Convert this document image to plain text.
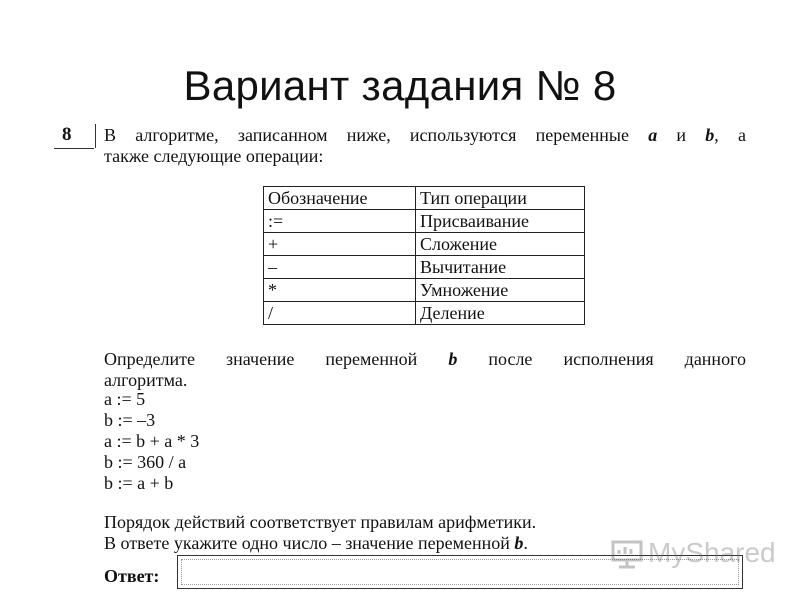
Вариант задания № 8
8 В алгоритме, записанном ниже, используются переменные a и b, а
также следующие операции:
Обозначение	Тип операции
:=	Присваивание
+	Сложение
–	Вычитание
*	Умножение
/	Деление
Определите значение переменной b после исполнения данного
алгоритма.
a := 5
b := –3
a := b + a * 3
b := 360 / a
b := a + b
Порядок действий соответствует правилам арифметики.
В ответе укажите одно число – значение переменной b.
Ответ:
MyShared
